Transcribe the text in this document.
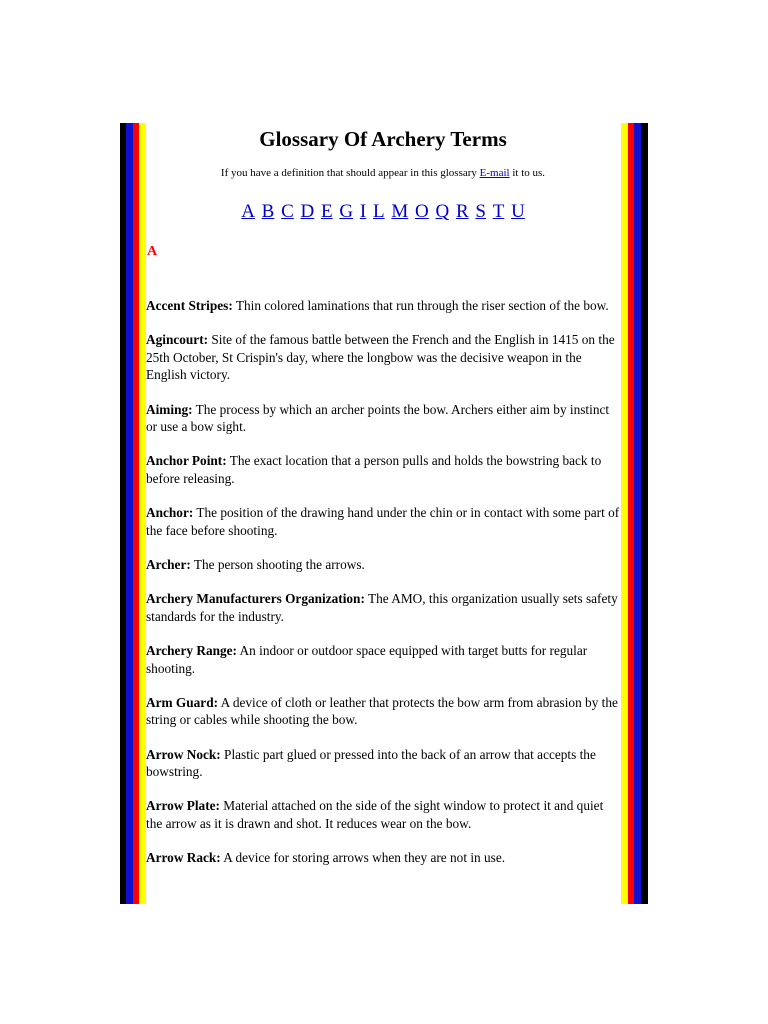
Glossary Of Archery Terms

If you have a definition that should appear in this glossary E-mail it to us.

A B C D E G I L M O Q R S T U

A

Accent Stripes: Thin colored laminations that run through the riser section of the bow.

Agincourt: Site of the famous battle between the French and the English in 1415 on the 25th October, St Crispin's day, where the longbow was the decisive weapon in the English victory.

Aiming: The process by which an archer points the bow. Archers either aim by instinct or use a bow sight.

Anchor Point: The exact location that a person pulls and holds the bowstring back to before releasing.

Anchor: The position of the drawing hand under the chin or in contact with some part of the face before shooting.

Archer: The person shooting the arrows.

Archery Manufacturers Organization: The AMO, this organization usually sets safety standards for the industry.

Archery Range: An indoor or outdoor space equipped with target butts for regular shooting.

Arm Guard: A device of cloth or leather that protects the bow arm from abrasion by the string or cables while shooting the bow.

Arrow Nock: Plastic part glued or pressed into the back of an arrow that accepts the bowstring.

Arrow Plate: Material attached on the side of the sight window to protect it and quiet the arrow as it is drawn and shot. It reduces wear on the bow.

Arrow Rack: A device for storing arrows when they are not in use.
